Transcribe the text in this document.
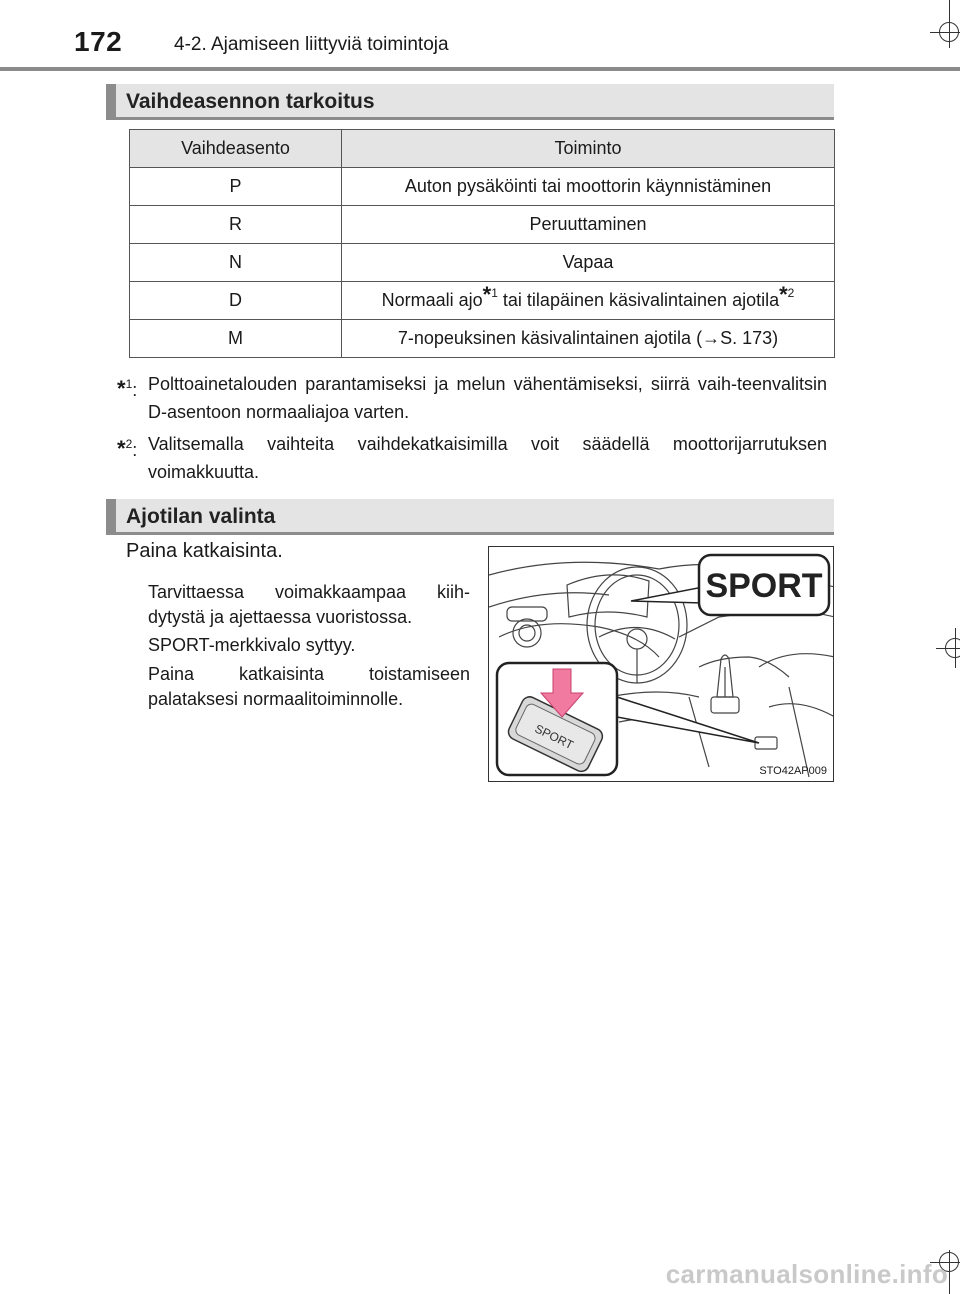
172	4-2. Ajamiseen liittyviä toimintoja
Vaihdeasennon tarkoitus
Vaihdeasento	Toiminto
P	Auton pysäköinti tai moottorin käynnistäminen
R	Peruuttaminen
N	Vapaa
D	Normaali ajo*$^1$ tai tilapäinen käsivalintainen ajotila*$^2$
M	7-nopeuksinen käsivalintainen ajotila (→S. 173)
*$^1$: Polttoainetalouden parantamiseksi ja melun vähentämiseksi, siirrä vaih-teenvalitsin D-asentoon normaaliajoa varten.
*$^2$: Valitsemalla vaihteita vaihdekatkaisimilla voit säädellä moottorijarrutuksen voimakkuutta.
Ajotilan valinta
Paina katkaisinta.
Tarvittaessa voimakkaampaa kiih-dytystä ja ajettaessa vuoristossa.
SPORT-merkkivalo syttyy.
Paina katkaisinta toistamiseen palataksesi normaalitoiminnolle.
SPORT
SPORT
STO42AP009
carmanualsonline.info
